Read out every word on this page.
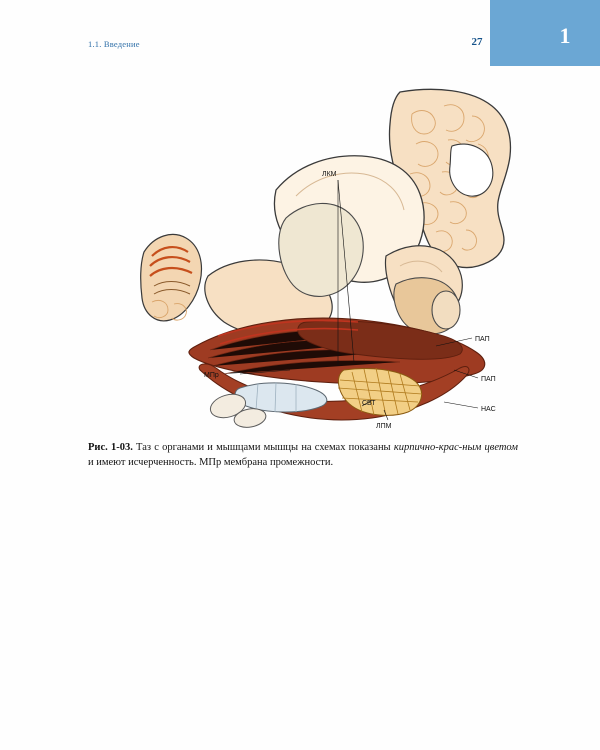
1
27
1.1. Введение
ЛКМ
МПр
СВТ
ЛПМ
НАС
ПАП
ПАП
Рис. 1-03. Таз с органами и мышцами мышцы на схемах показаны кирпично-крас-ным цветом и имеют исчерченность. МПр мембрана промежности.
